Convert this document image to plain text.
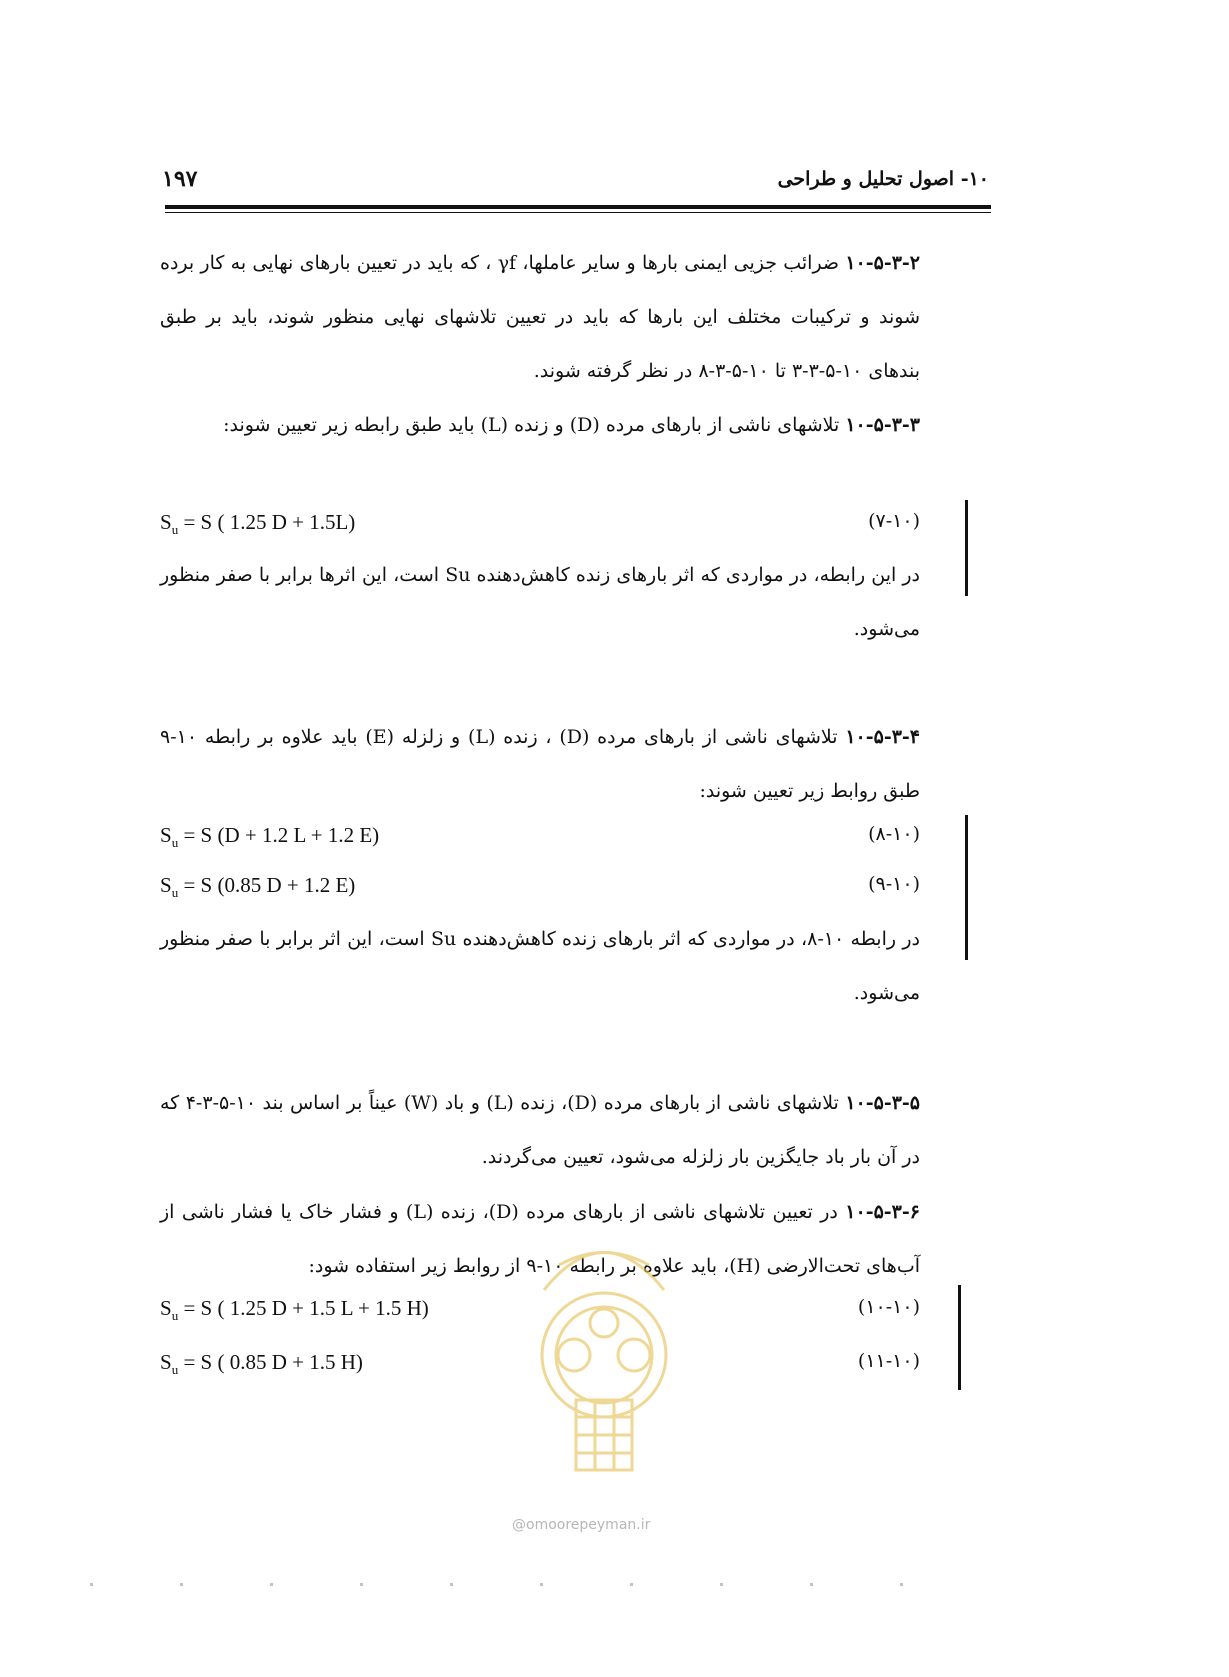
۱۰- اصول تحلیل و طراحی
۱۹۷
۱۰-۵-۳-۲ ضرائب جزیی ایمنی بارها و سایر عاملها، γf ، که باید در تعیین بارهای نهایی به کار برده شوند و ترکیبات مختلف این بارها که باید در تعیین تلاشهای نهایی منظور شوند، باید بر طبق بندهای ۱۰-۵-۳-۳ تا ۱۰-۵-۳-۸ در نظر گرفته شوند.
۱۰-۵-۳-۳ تلاشهای ناشی از بارهای مرده (D) و زنده (L) باید طبق رابطه زیر تعیین شوند:
$S_u = S$ ( 1.25 D + 1.5L)	(۷-۱۰)
در این رابطه، در مواردی که اثر بارهای زنده کاهش‌دهنده Su است، این اثرها برابر با صفر منظور می‌شود.
۱۰-۵-۳-۴ تلاشهای ناشی از بارهای مرده (D) ، زنده (L) و زلزله (E) باید علاوه بر رابطه ۱۰-۹ طبق روابط زیر تعیین شوند:
$S_u = S$ (D + 1.2 L + 1.2 E)	(۸-۱۰)
$S_u = S$ (0.85 D + 1.2 E)	(۹-۱۰)
در رابطه ۱۰-۸، در مواردی که اثر بارهای زنده کاهش‌دهنده Su است، این اثر برابر با صفر منظور می‌شود.
۱۰-۵-۳-۵ تلاشهای ناشی از بارهای مرده (D)، زنده (L) و باد (W) عیناً بر اساس بند ۱۰-۵-۳-۴ که در آن بار باد جایگزین بار زلزله می‌شود، تعیین می‌گردند.
۱۰-۵-۳-۶ در تعیین تلاشهای ناشی از بارهای مرده (D)، زنده (L) و فشار خاک یا فشار ناشی از آب‌های تحت‌الارضی (H)، باید علاوه بر رابطه ۱۰-۹ از روابط زیر استفاده شود:
$S_u = S$ ( 1.25 D + 1.5 L + 1.5 H)	(۱۰-۱۰)
$S_u = S$ ( 0.85 D + 1.5 H)	(۱۱-۱۰)
@omoorepeyman.ir
